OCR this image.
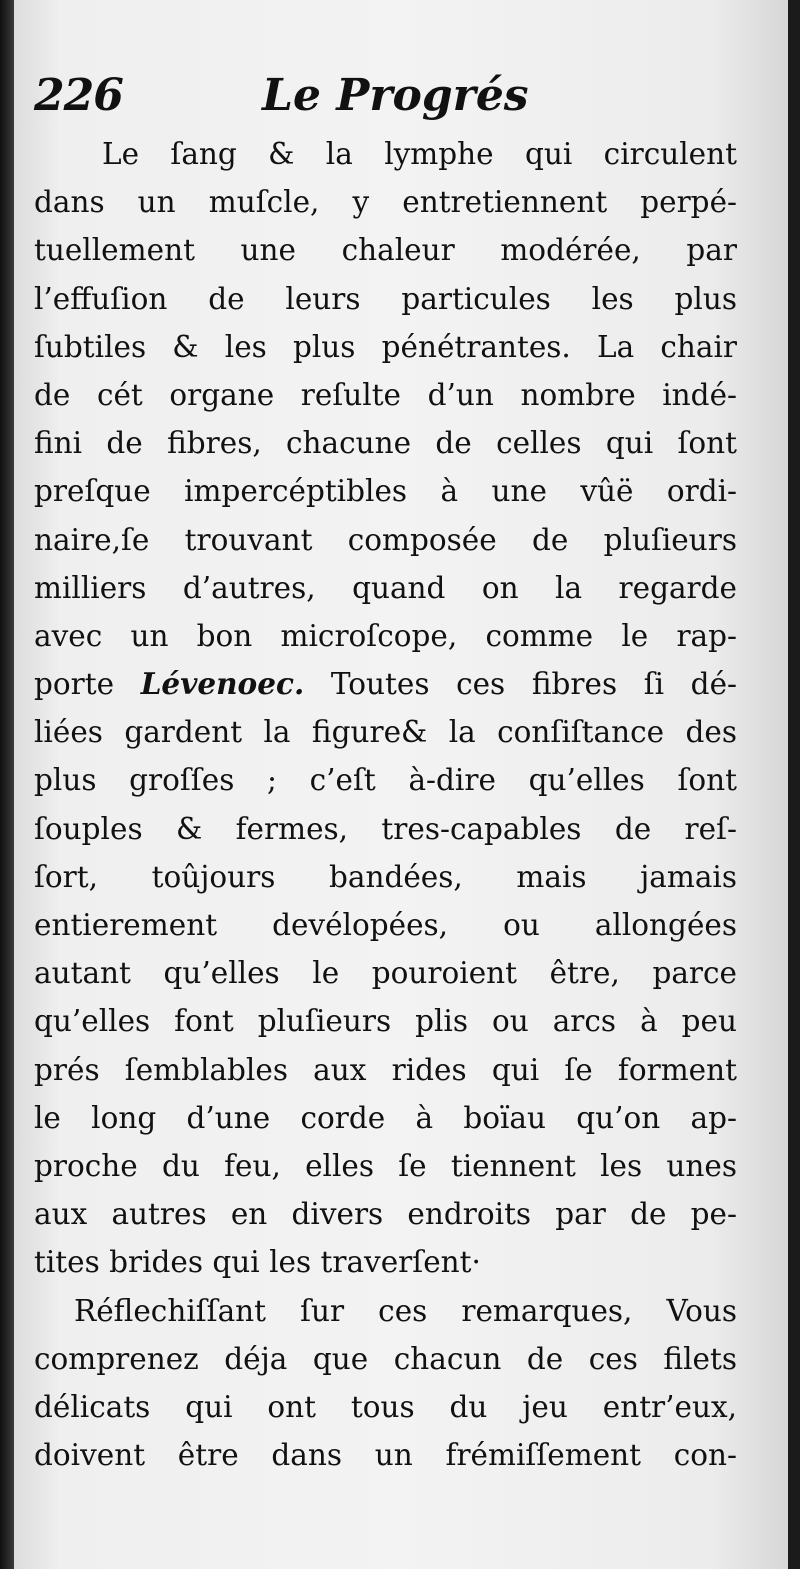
226	Le Progrés
Le ſang & la lymphe qui circulent
dans un muſcle, y entretiennent perpé-
tuellement une chaleur modérée, par
l’effuſion de leurs particules les plus
ſubtiles & les plus pénétrantes. La chair
de cét organe reſulte d’un nombre indé-
fini de fibres, chacune de celles qui ſont
preſque impercéptibles à une vûë ordi-
naire,ſe trouvant composée de pluſieurs
milliers d’autres, quand on la regarde
avec un bon microſcope, comme le rap-
porte Lévenoec. Toutes ces fibres ſi dé-
liées gardent la figure& la conſiſtance des
plus groſſes ; c’eſt à-dire qu’elles ſont
ſouples & fermes, tres-capables de reſ-
ſort, toûjours bandées, mais jamais
entierement devélopées, ou allongées
autant qu’elles le pouroient être, parce
qu’elles font pluſieurs plis ou arcs à peu
prés ſemblables aux rides qui ſe forment
le long d’une corde à boïau qu’on ap-
proche du feu, elles ſe tiennent les unes
aux autres en divers endroits par de pe-
tites brides qui les traverſent·
Réflechiſſant ſur ces remarques, Vous
comprenez déja que chacun de ces filets
délicats qui ont tous du jeu entr’eux,
doivent être dans un frémiſſement con-
